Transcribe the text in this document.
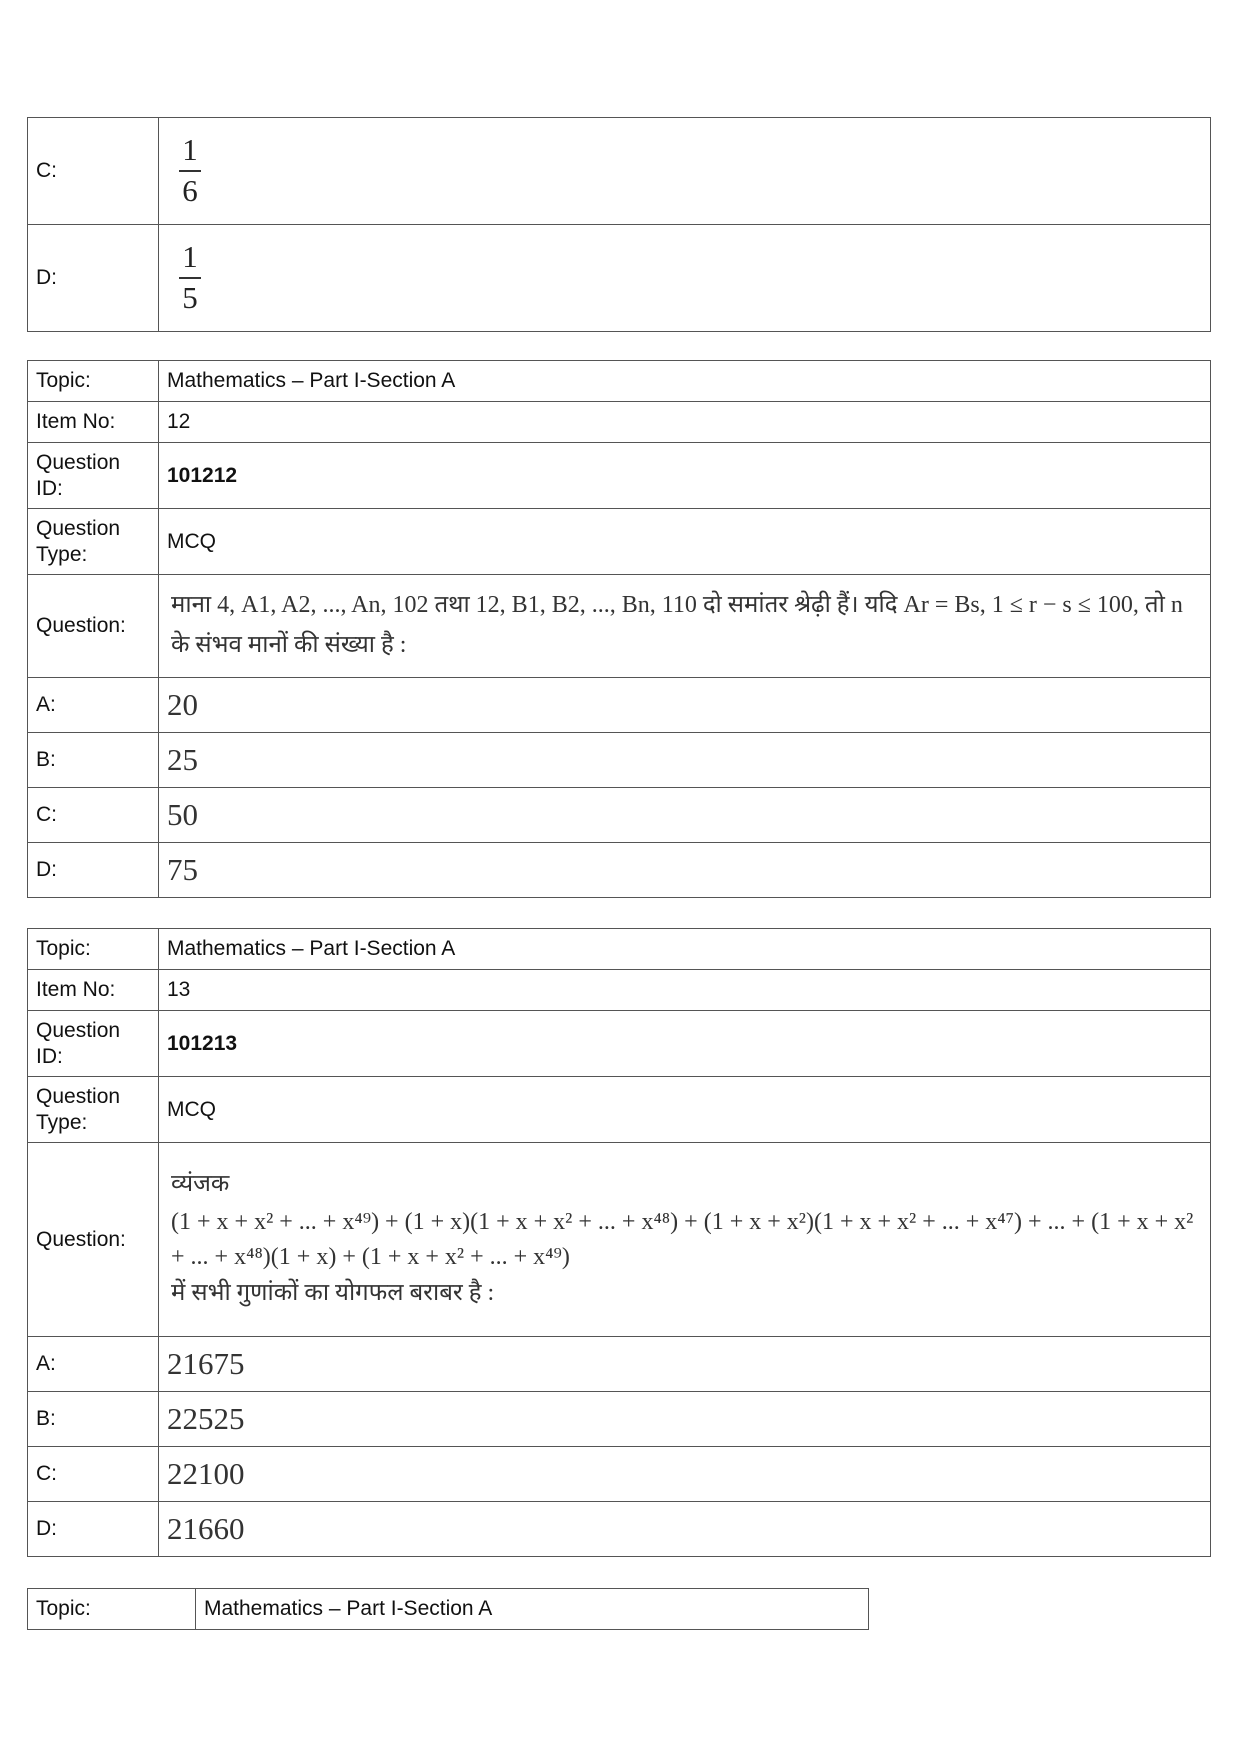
C:	$\frac{1}{6}$

D:	$\frac{1}{5}$
Topic:	Mathematics – Part I-Section A
Item No:	12
Question ID:	101212
Question Type:	MCQ
Question:	माना 4, A1, A2, ..., An, 102 तथा 12, B1, B2, ..., Bn, 110 दो समांतर श्रेढ़ी हैं। यदि Ar = Bs, 1 ≤ r − s ≤ 100, तो n के संभव मानों की संख्या है :
A:	20
B:	25
C:	50
D:	75
Topic:	Mathematics – Part I-Section A
Item No:	13
Question ID:	101213
Question Type:	MCQ
Question:	व्यंजक
(1 + x + x² + ... + x⁴⁹) + (1 + x)(1 + x + x² + ... + x⁴⁸) + (1 + x + x²)(1 + x + x² + ... + x⁴⁷) + ... + (1 + x + x² + ... + x⁴⁸)(1 + x) + (1 + x + x² + ... + x⁴⁹)
में सभी गुणांकों का योगफल बराबर है :

A:	21675
B:	22525
C:	22100
D:	21660
Topic:	Mathematics – Part I-Section A
